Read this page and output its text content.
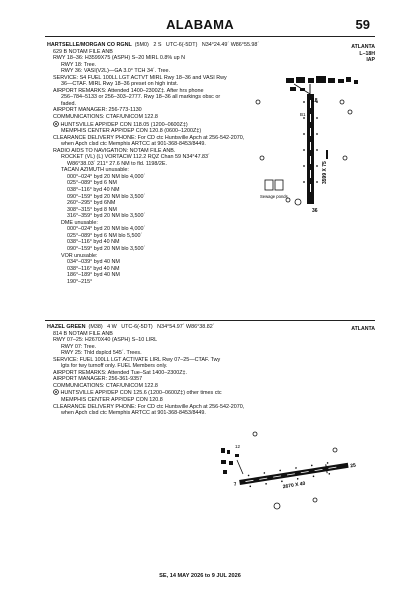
ALABAMA	59
HARTSELLE/MORGAN CO RGNL (5M0) 2 S UTC-6(-5DT) N34°24.49´ W86°55.98´
629 B NOTAM FILE ANB
RWY 18–36: H3599X75 (ASPH) S–20 MIRL 0.8% up N
RWY 18: Tree.
RWY 36: VASI(V2L)—GA 3.0° TCH 34´. Tree.
SERVICE: S4 FUEL 100LL LGT ACTVT MIRL Rwy 18–36 and VASI Rwy
36—CTAF. MIRL Rwy 18–36 preset on high intst.
AIRPORT REMARKS: Attended 1400–2300Z‡. After hrs phone
256–784–5133 or 256–303–2777. Rwy 18–36 all markings obsc or
faded.
AIRPORT MANAGER: 256-773-1130
COMMUNICATIONS: CTAF/UNICOM 122.8
HUNTSVILLE APP/DEP CON 118.05 (1200–0600Z‡)
MEMPHIS CENTER APP/DEP CON 120.8 (0600–1200Z‡)
CLEARANCE DELIVERY PHONE: For CD ctc Huntsville Apch at 256-542-2070,
when Apch clsd ctc Memphis ARTCC at 901-368-8453/8449.
RADIO AIDS TO NAVIGATION: NOTAM FILE ANB.
ROCKET (VL) (L) VORTACW 112.2 RQZ Chan 59 N34°47.83´
W86°38.03´ 211° 27.6 NM to fld. 1198/2E.
TACAN AZIMUTH unusable:
000°–024° byd 20 NM blo 4,000´
025°–089° byd 6 NM
038°–116° byd 40 NM
090°–159° byd 20 NM blo 3,500´
260°–295° byd 6NM
308°–315° byd 8 NM
316°–359° byd 20 NM blo 3,500´
DME unusable:
000°–024° byd 20 NM blo 4,000´
025°–089° byd 6 NM blo 5,500´
038°–116° byd 40 NM
090°–159° byd 20 NM blo 3,500´
VOR unusable:
034°–039° byd 40 NM
038°–116° byd 40 NM
186°–189° byd 40 NM
190°–215°
ATLANTA
L–18H
IAP
Sewage ponds
18
36
B1
3599 X 75
HAZEL GREEN (M38) 4 W UTC-6(-5DT) N34°54.97´ W86°38.82´
814 B NOTAM FILE ANB
RWY 07–25: H2670X40 (ASPH) S–10 LIRL
RWY 07: Tree.
RWY 25: Thld dsplcd 545´. Trees.
SERVICE: FUEL 100LL LGT ACTIVATE LIRL Rwy 07–25—CTAF. Twy
lgts for twy turnoff only. FUEL Members only.
AIRPORT REMARKS: Attended Tue–Sat 1400–2300Z‡.
AIRPORT MANAGER: 256-361-9357
COMMUNICATIONS: CTAF/UNICOM 122.8
HUNTSVILLE APP/DEP CON 125.6 (1200–0600Z‡) other times ctc
MEMPHIS CENTER APP/DEP CON 120.8
CLEARANCE DELIVERY PHONE: For CD ctc Huntsville Apch at 256-542-2070,
when Apch clsd ctc Memphis ARTCC at 901-368-8453/8449.
ATLANTA
7
25
2670 X 40
12
SE, 14 MAY 2026 to 9 JUL 2026
